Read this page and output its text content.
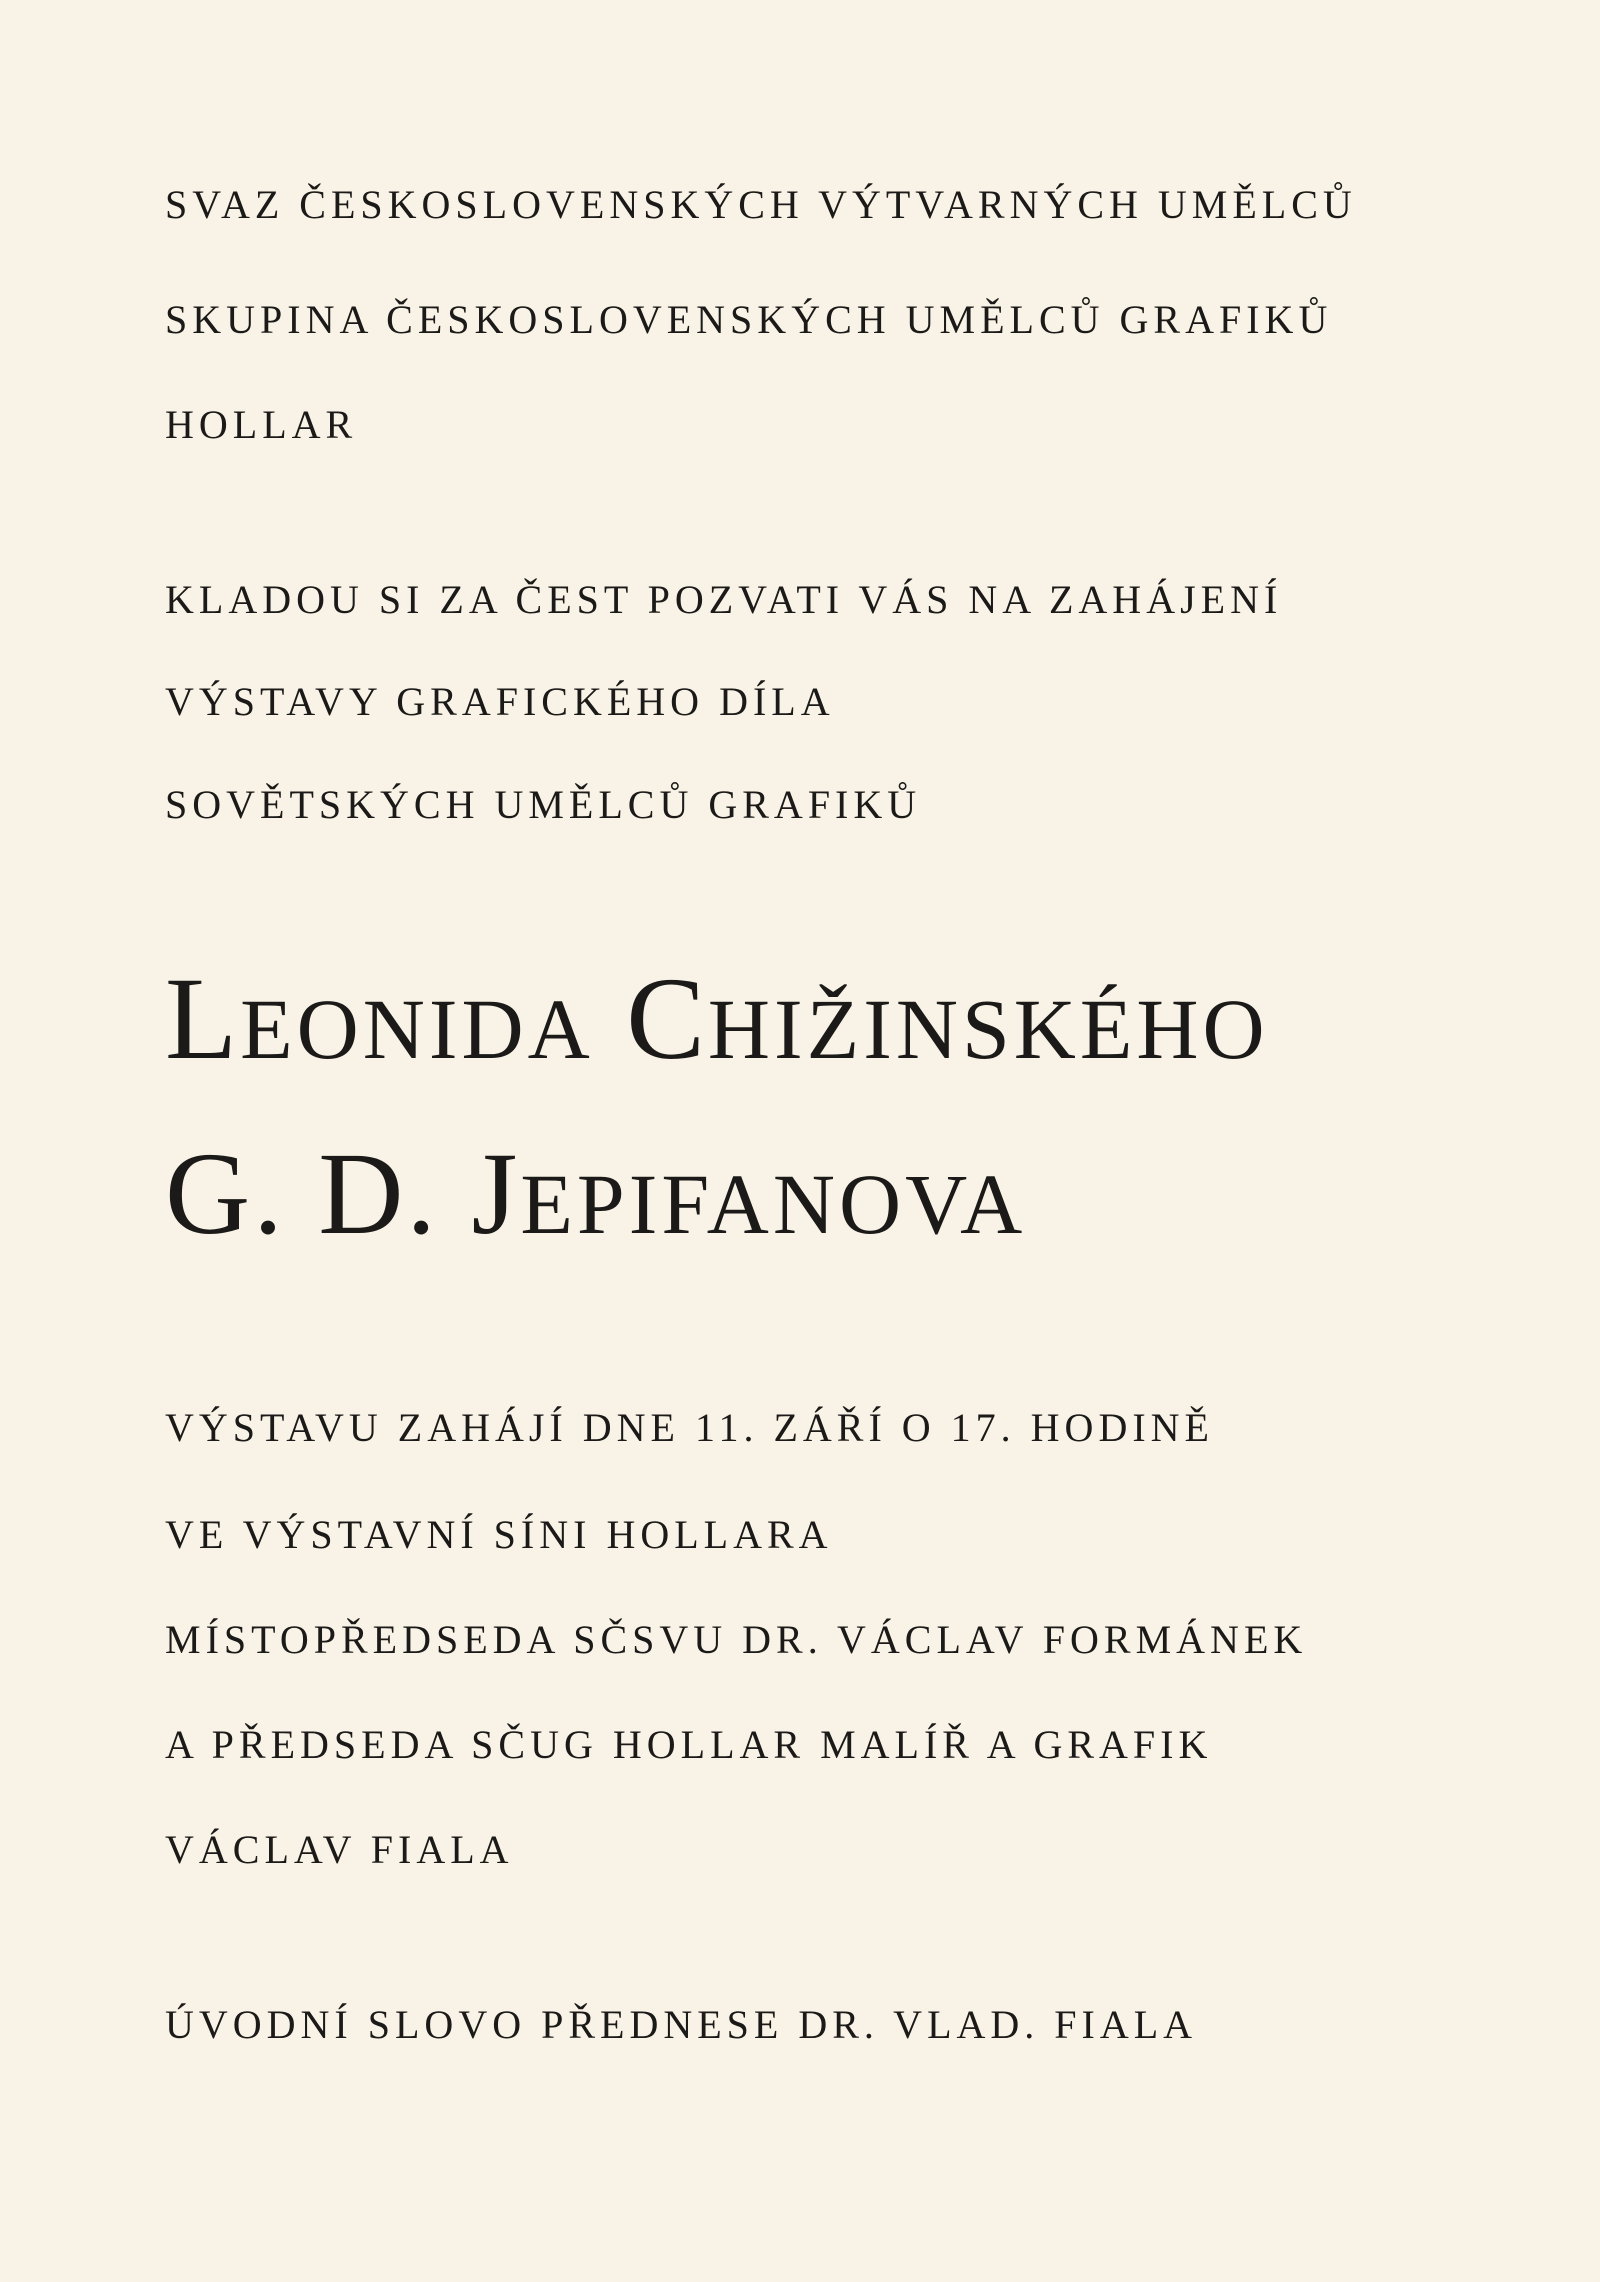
SVAZ ČESKOSLOVENSKÝCH VÝTVARNÝCH UMĚLCŮ

SKUPINA ČESKOSLOVENSKÝCH UMĚLCŮ GRAFIKŮ

HOLLAR

KLADOU SI ZA ČEST POZVATI VÁS NA ZAHÁJENÍ

VÝSTAVY GRAFICKÉHO DÍLA

SOVĚTSKÝCH UMĚLCŮ GRAFIKŮ

LEONIDA CHIŽINSKÉHO
G. D. JEPIFANOVA

VÝSTAVU ZAHÁJÍ DNE 11. ZÁŘÍ O 17. HODINĚ

VE VÝSTAVNÍ SÍNI HOLLARA

MÍSTOPŘEDSEDA SČSVU DR. VÁCLAV FORMÁNEK

A PŘEDSEDA SČUG HOLLAR MALÍŘ A GRAFIK

VÁCLAV FIALA

ÚVODNÍ SLOVO PŘEDNESE DR. VLAD. FIALA
